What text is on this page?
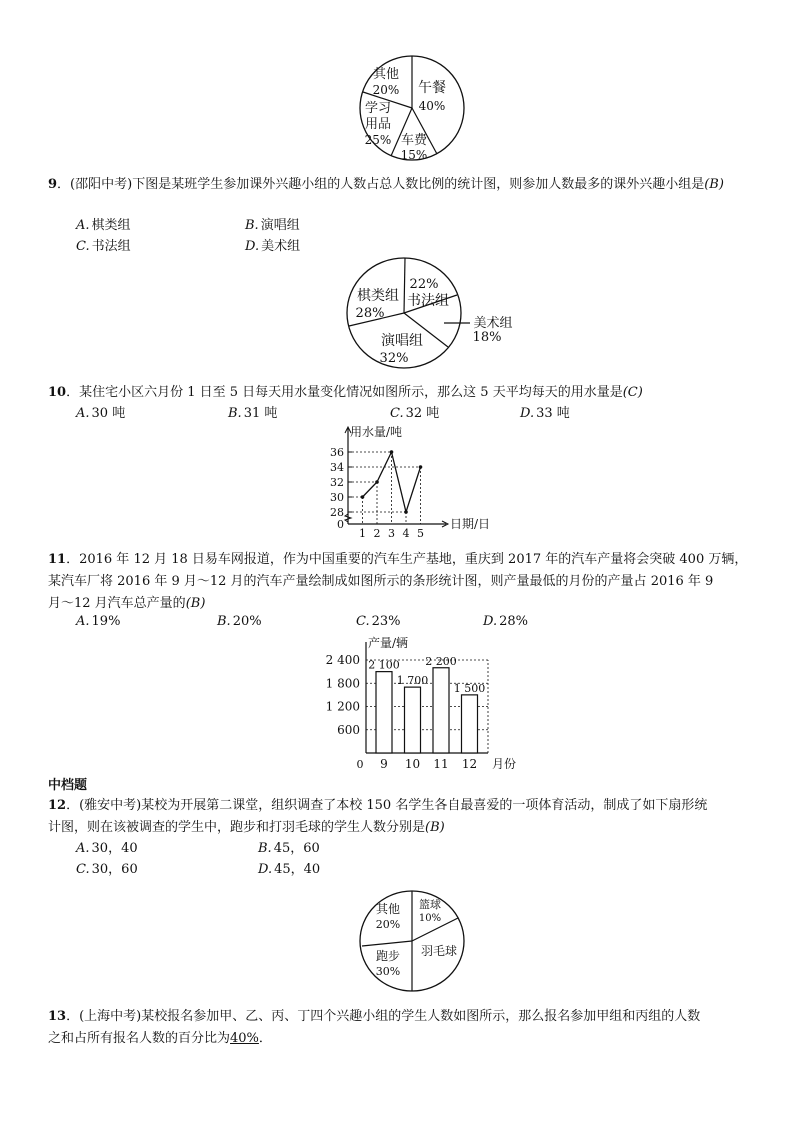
其他
20% 午餐
40%
学习
用品
25% 车费
15%
9．(邵阳中考)下图是某班学生参加课外兴趣小组的人数占总人数比例的统计图，则参加人数最多的课外兴趣小组是(B)
A. 棋类组	B. 演唱组
C. 书法组	D. 美术组
22%
书法组
棋类组
28%
美术组
18%
演唱组
32%
10．某住宅小区六月份 1 日至 5 日每天用水量变化情况如图所示，那么这 5 天平均每天的用水量是(C)
A. 30 吨	B. 31 吨	C. 32 吨	D. 33 吨
用水量/吨
日期/日
0
28
30
32
34
36
1 2 3 4 5
11．2016 年 12 月 18 日易车网报道，作为中国重要的汽车生产基地，重庆到 2017 年的汽车产量将会突破 400 万辆，
某汽车厂将 2016 年 9 月～12 月的汽车产量绘制成如图所示的条形统计图，则产量最低的月份的产量占 2016 年 9
月～12 月汽车总产量的(B)
A. 19%	B. 20%	C. 23%	D. 28%
产量/辆
月份
0
600
1 200
1 800
2 400
9
2 100
10
1 700
11
2 200
12
1 500
中档题
12．(雅安中考)某校为开展第二课堂，组织调查了本校 150 名学生各自最喜爱的一项体育活动，制成了如下扇形统
计图，则在该被调查的学生中，跑步和打羽毛球的学生人数分别是(B)
A. 30，40	B. 45，60
C. 30，60	D. 45，40
其他
20%
篮球
10%
跑步
30%
羽毛球
13．(上海中考)某校报名参加甲、乙、丙、丁四个兴趣小组的学生人数如图所示，那么报名参加甲组和丙组的人数
之和占所有报名人数的百分比为40%．
